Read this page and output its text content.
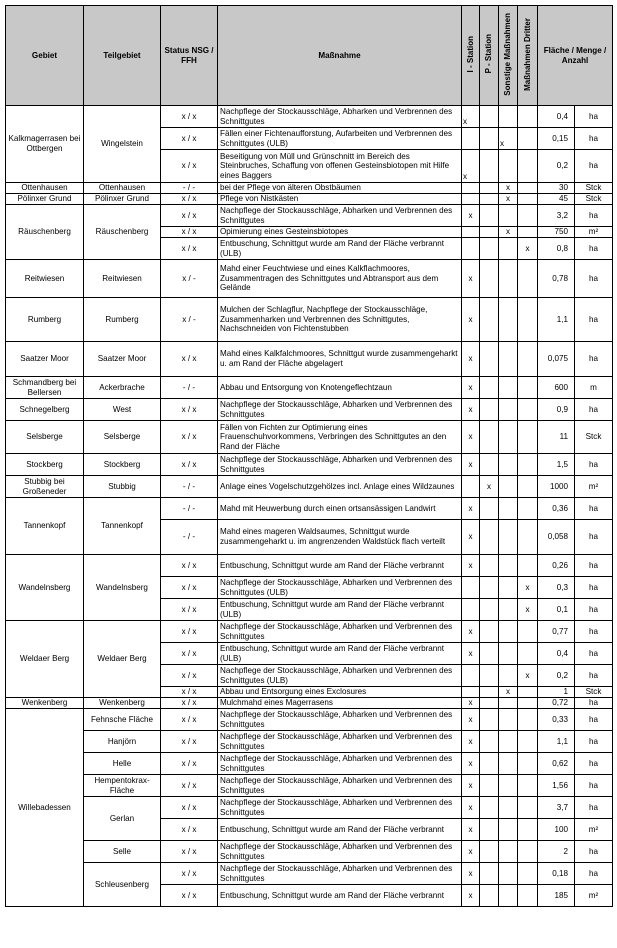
Gebiet	Teilgebiet	Status NSG / FFH	Maßnahme	I - Station	P - Station	Sonstige Maßnahmen	Maßnahmen Dritter	Fläche / Menge / Anzahl	
Kalkmagerrasen bei Ottbergen	Wingelstein	x / x	Nachpflege der Stockausschläge, Abharken und Verbrennen des Schnittgutes	x				0,4	ha
		x / x	Fällen einer Fichtenaufforstung, Aufarbeiten und Verbrennen des Schnittgutes (ULB)			x		0,15	ha
		x / x	Beseitigung von Müll und Grünschnitt im Bereich des Steinbruches, Schaffung von offenen Gesteinsbiotopen mit Hilfe eines Baggers	x				0,2	ha
Ottenhausen	Ottenhausen	- / -	bei der Pflege von älteren Obstbäumen			x		30	Stck
Pölinxer Grund	Pölinxer Grund	x / x	Pflege von Nistkästen			x		45	Stck
Räuschenberg	Räuschenberg	x / x	Nachpflege der Stockausschläge, Abharken und Verbrennen des Schnittgutes	x				3,2	ha
		x / x	Opimierung eines Gesteinsbiotopes			x		750	m²
		x / x	Entbuschung, Schnittgut wurde am Rand der Fläche verbrannt (ULB)				x	0,8	ha
Reitwiesen	Reitwiesen	x / -	Mahd einer Feuchtwiese und eines Kalkflachmoores, Zusammentragen des Schnittgutes und Abtransport aus dem Gelände	x				0,78	ha
Rumberg	Rumberg	x / -	Mulchen der Schlagflur, Nachpflege der Stockausschläge, Zusammenharken und Verbrennen des Schnittgutes, Nachschneiden von Fichtenstubben	x				1,1	ha
Saatzer Moor	Saatzer Moor	x / x	Mahd eines Kalkfalchmoores, Schnittgut wurde zusammengeharkt u. am Rand der Fläche abgelagert	x				0,075	ha
Schmandberg bei Bellersen	Ackerbrache	- / -	Abbau und Entsorgung von Knotengeflechtzaun	x				600	m
Schnegelberg	West	x / x	Nachpflege der Stockausschläge, Abharken und Verbrennen des Schnittgutes	x				0,9	ha
Selsberge	Selsberge	x / x	Fällen von Fichten zur Optimierung eines Frauenschuhvorkommens, Verbringen des Schnittgutes an den Rand der Fläche	x				11	Stck
Stockberg	Stockberg	x / x	Nachpflege der Stockausschläge, Abharken und Verbrennen des Schnittgutes	x				1,5	ha
Stubbig bei Großeneder	Stubbig	- / -	Anlage eines Vogelschutzgehölzes incl. Anlage eines Wildzaunes		x			1000	m²
Tannenkopf	Tannenkopf	- / -	Mahd mit Heuwerbung durch einen ortsansässigen Landwirt	x				0,36	ha
		- / -	Mahd eines mageren Waldsaumes, Schnittgut wurde zusammengeharkt u. im angrenzenden Waldstück flach verteilt	x				0,058	ha
Wandelnsberg	Wandelnsberg	x / x	Entbuschung, Schnittgut wurde am Rand der Fläche verbrannt	x				0,26	ha
		x / x	Nachpflege der Stockausschläge, Abharken und Verbrennen des Schnittgutes (ULB)				x	0,3	ha
		x / x	Entbuschung, Schnittgut wurde am Rand der Fläche verbrannt (ULB)				x	0,1	ha
Weldaer Berg	Weldaer Berg	x / x	Nachpflege der Stockausschläge, Abharken und Verbrennen des Schnittgutes	x				0,77	ha
		x / x	Entbuschung, Schnittgut wurde am Rand der Fläche verbrannt (ULB)	x				0,4	ha
		x / x	Nachpflege der Stockausschläge, Abharken und Verbrennen des Schnittgutes (ULB)				x	0,2	ha
		x / x	Abbau und Entsorgung eines Exclosures			x		1	Stck
Wenkenberg	Wenkenberg	x / x	Mulchmahd eines Magerrasens	x				0,72	ha
Willebadessen	Fehnsche Fläche	x / x	Nachpflege der Stockausschläge, Abharken und Verbrennen des Schnittgutes	x				0,33	ha
	Hanjörn	x / x	Nachpflege der Stockausschläge, Abharken und Verbrennen des Schnittgutes	x				1,1	ha
	Helle	x / x	Nachpflege der Stockausschläge, Abharken und Verbrennen des Schnittgutes	x				0,62	ha
	Hempentokrax-Fläche	x / x	Nachpflege der Stockausschläge, Abharken und Verbrennen des Schnittgutes	x				1,56	ha
	Gerlan	x / x	Nachpflege der Stockausschläge, Abharken und Verbrennen des Schnittgutes	x				3,7	ha
		x / x	Entbuschung, Schnittgut wurde am Rand der Fläche verbrannt	x				100	m²
	Selle	x / x	Nachpflege der Stockausschläge, Abharken und Verbrennen des Schnittgutes	x				2	ha
	Schleusenberg	x / x	Nachpflege der Stockausschläge, Abharken und Verbrennen des Schnittgutes	x				0,18	ha
		x / x	Entbuschung, Schnittgut wurde am Rand der Fläche verbrannt	x				185	m²
